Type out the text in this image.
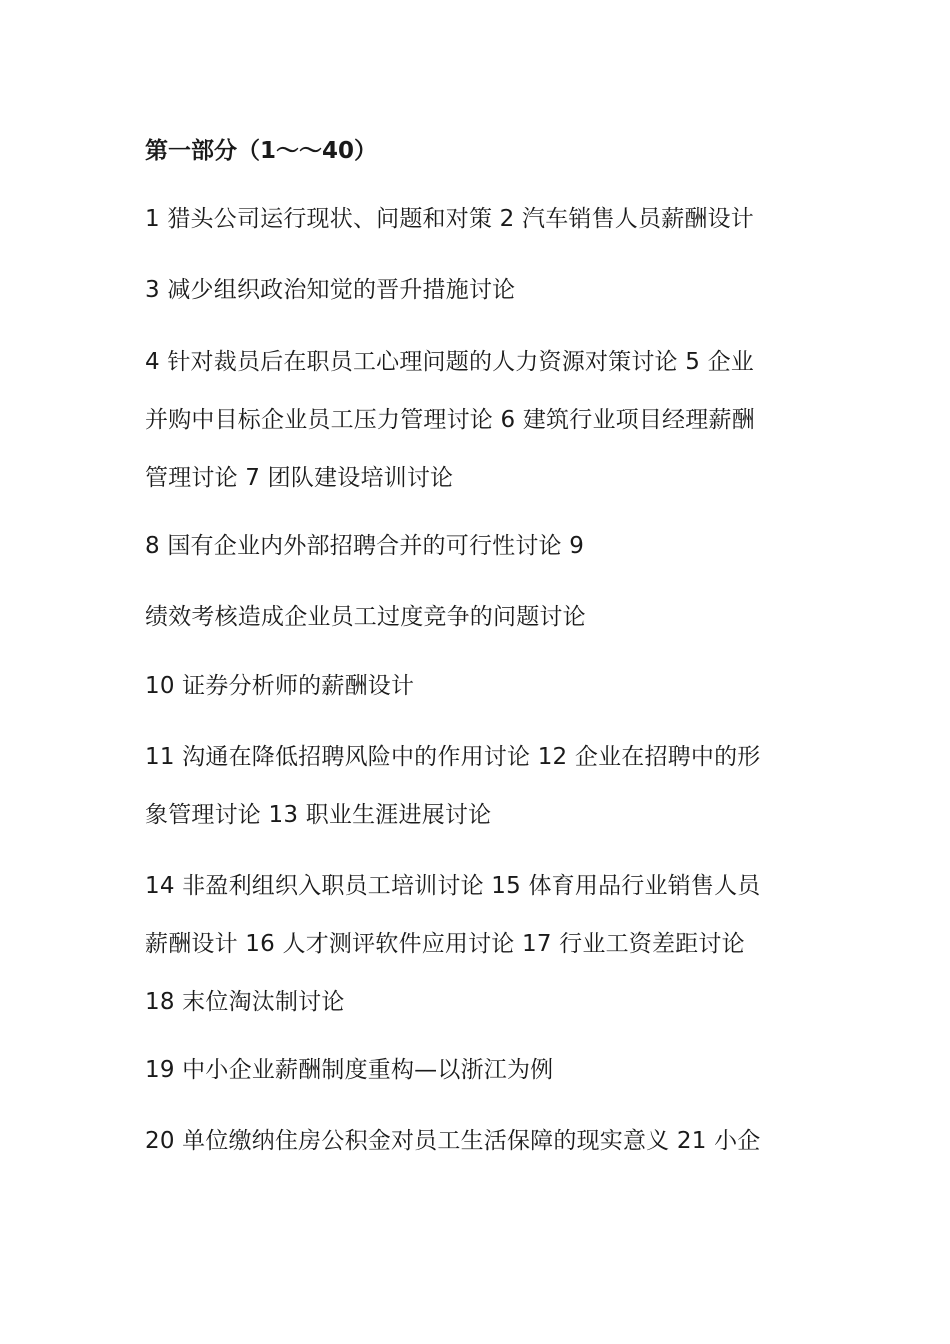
第一部分（1～～40）
1 猎头公司运行现状、问题和对策 2 汽车销售人员薪酬设计
3 减少组织政治知觉的晋升措施讨论
4 针对裁员后在职员工心理问题的人力资源对策讨论 5 企业
并购中目标企业员工压力管理讨论 6 建筑行业项目经理薪酬
管理讨论 7 团队建设培训讨论
8 国有企业内外部招聘合并的可行性讨论 9
绩效考核造成企业员工过度竞争的问题讨论
10 证券分析师的薪酬设计
11 沟通在降低招聘风险中的作用讨论 12 企业在招聘中的形
象管理讨论 13 职业生涯进展讨论
14 非盈利组织入职员工培训讨论 15 体育用品行业销售人员
薪酬设计 16 人才测评软件应用讨论 17 行业工资差距讨论
18 末位淘汰制讨论
19 中小企业薪酬制度重构—以浙江为例
20 单位缴纳住房公积金对员工生活保障的现实意义 21 小企
